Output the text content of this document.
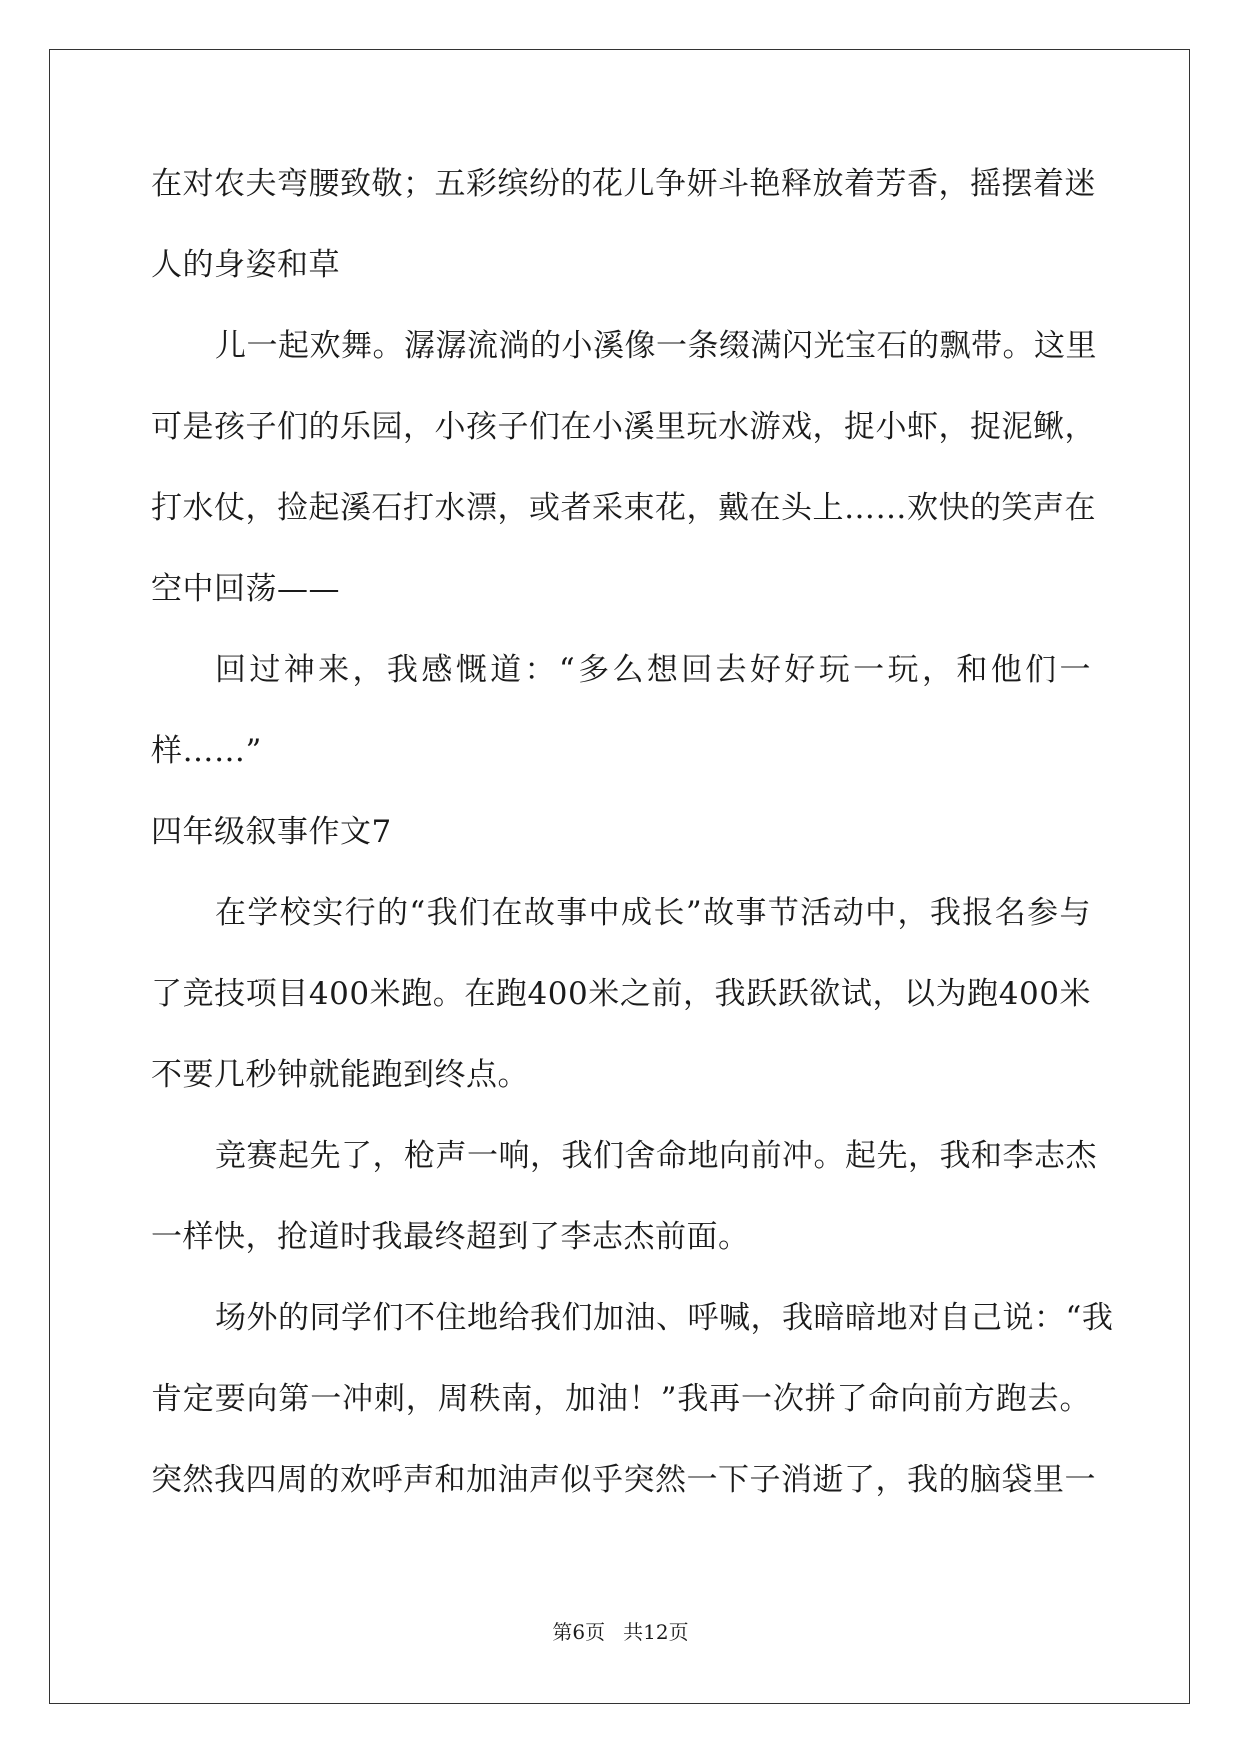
在对农夫弯腰致敬；五彩缤纷的花儿争妍斗艳释放着芳香，摇摆着迷
人的身姿和草
儿一起欢舞。潺潺流淌的小溪像一条缀满闪光宝石的飘带。这里
可是孩子们的乐园，小孩子们在小溪里玩水游戏，捉小虾，捉泥鳅，
打水仗，捡起溪石打水漂，或者采束花，戴在头上……欢快的笑声在
空中回荡——
回过神来，我感慨道：“多么想回去好好玩一玩，和他们一
样……”
四年级叙事作文7
在学校实行的“我们在故事中成长”故事节活动中，我报名参与
了竞技项目400米跑。在跑400米之前，我跃跃欲试，以为跑400米
不要几秒钟就能跑到终点。
竞赛起先了，枪声一响，我们舍命地向前冲。起先，我和李志杰
一样快，抢道时我最终超到了李志杰前面。
场外的同学们不住地给我们加油、呼喊，我暗暗地对自己说：“我
肯定要向第一冲刺，周秩南，加油！”我再一次拼了命向前方跑去。
突然我四周的欢呼声和加油声似乎突然一下子消逝了，我的脑袋里一
第6页 共12页
